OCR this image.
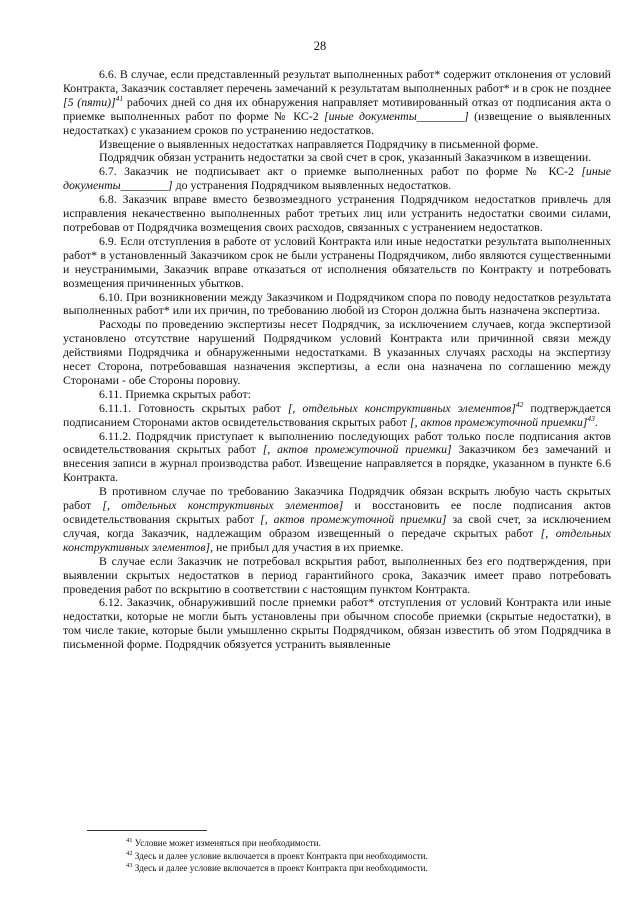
28

6.6. В случае, если представленный результат выполненных работ* содержит отклонения от условий Контракта, Заказчик составляет перечень замечаний к результатам выполненных работ* и в срок не позднее [5 (пяти)]$^{41}$ рабочих дней со дня их обнаружения направляет мотивированный отказ от подписания акта о приемке выполненных работ по форме № КС-2 [иные документы________] (извещение о выявленных недостатках) с указанием сроков по устранению недостатков.

Извещение о выявленных недостатках направляется Подрядчику в письменной форме.

Подрядчик обязан устранить недостатки за свой счет в срок, указанный Заказчиком в извещении.

6.7. Заказчик не подписывает акт о приемке выполненных работ по форме № КС-2 [иные документы________] до устранения Подрядчиком выявленных недостатков.

6.8. Заказчик вправе вместо безвозмездного устранения Подрядчиком недостатков привлечь для исправления некачественно выполненных работ третьих лиц или устранить недостатки своими силами, потребовав от Подрядчика возмещения своих расходов, связанных с устранением недостатков.

6.9. Если отступления в работе от условий Контракта или иные недостатки результата выполненных работ* в установленный Заказчиком срок не были устранены Подрядчиком, либо являются существенными и неустранимыми, Заказчик вправе отказаться от исполнения обязательств по Контракту и потребовать возмещения причиненных убытков.

6.10. При возникновении между Заказчиком и Подрядчиком спора по поводу недостатков результата выполненных работ* или их причин, по требованию любой из Сторон должна быть назначена экспертиза.

Расходы по проведению экспертизы несет Подрядчик, за исключением случаев, когда экспертизой установлено отсутствие нарушений Подрядчиком условий Контракта или причинной связи между действиями Подрядчика и обнаруженными недостатками. В указанных случаях расходы на экспертизу несет Сторона, потребовавшая назначения экспертизы, а если она назначена по соглашению между Сторонами - обе Стороны поровну.

6.11. Приемка скрытых работ:

6.11.1. Готовность скрытых работ [, отдельных конструктивных элементов]$^{42}$ подтверждается подписанием Сторонами актов освидетельствования скрытых работ [, актов промежуточной приемки]$^{43}$.

6.11.2. Подрядчик приступает к выполнению последующих работ только после подписания актов освидетельствования скрытых работ [, актов промежуточной приемки] Заказчиком без замечаний и внесения записи в журнал производства работ. Извещение направляется в порядке, указанном в пункте 6.6 Контракта.

В противном случае по требованию Заказчика Подрядчик обязан вскрыть любую часть скрытых работ [, отдельных конструктивных элементов] и восстановить ее после подписания актов освидетельствования скрытых работ [, актов промежуточной приемки] за свой счет, за исключением случая, когда Заказчик, надлежащим образом извещенный о передаче скрытых работ [, отдельных конструктивных элементов], не прибыл для участия в их приемке.

В случае если Заказчик не потребовал вскрытия работ, выполненных без его подтверждения, при выявлении скрытых недостатков в период гарантийного срока, Заказчик имеет право потребовать проведения работ по вскрытию в соответствии с настоящим пунктом Контракта.

6.12. Заказчик, обнаруживший после приемки работ* отступления от условий Контракта или иные недостатки, которые не могли быть установлены при обычном способе приемки (скрытые недостатки), в том числе такие, которые были умышленно скрыты Подрядчиком, обязан известить об этом Подрядчика в письменной форме. Подрядчик обязуется устранить выявленные

$^{41}$ Условие может изменяться при необходимости.
$^{42}$ Здесь и далее условие включается в проект Контракта при необходимости.
$^{43}$ Здесь и далее условие включается в проект Контракта при необходимости.
